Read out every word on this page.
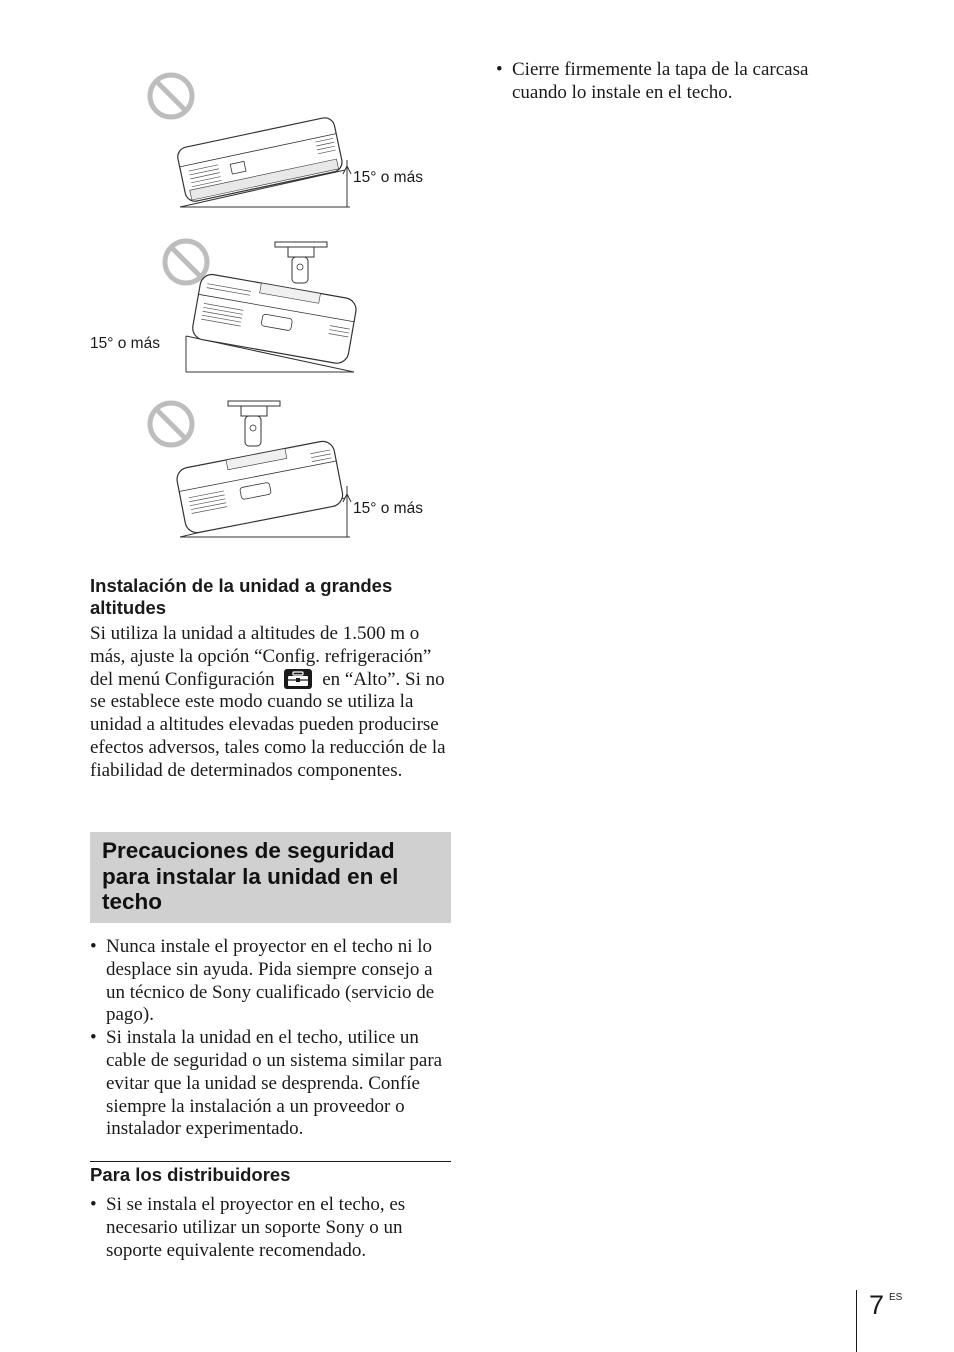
15° o más
15° o más
15° o más
Instalación de la unidad a grandes altitudes

Si utiliza la unidad a altitudes de 1.500 m o más, ajuste la opción “Config. refrigeración” del menú Configuración	en “Alto”. Si no se establece este modo cuando se utiliza la unidad a altitudes elevadas pueden producirse efectos adversos, tales como la reducción de la fiabilidad de determinados componentes.

Precauciones de seguridad para instalar la unidad en el techo
• Nunca instale el proyector en el techo ni lo desplace sin ayuda. Pida siempre consejo a un técnico de Sony cualificado (servicio de pago).
• Si instala la unidad en el techo, utilice un cable de seguridad o un sistema similar para evitar que la unidad se desprenda. Confíe siempre la instalación a un proveedor o instalador experimentado.
Para los distribuidores
• Si se instala el proyector en el techo, es necesario utilizar un soporte Sony o un soporte equivalente recomendado.
• Cierre firmemente la tapa de la carcasa cuando lo instale en el techo.
7 ES
